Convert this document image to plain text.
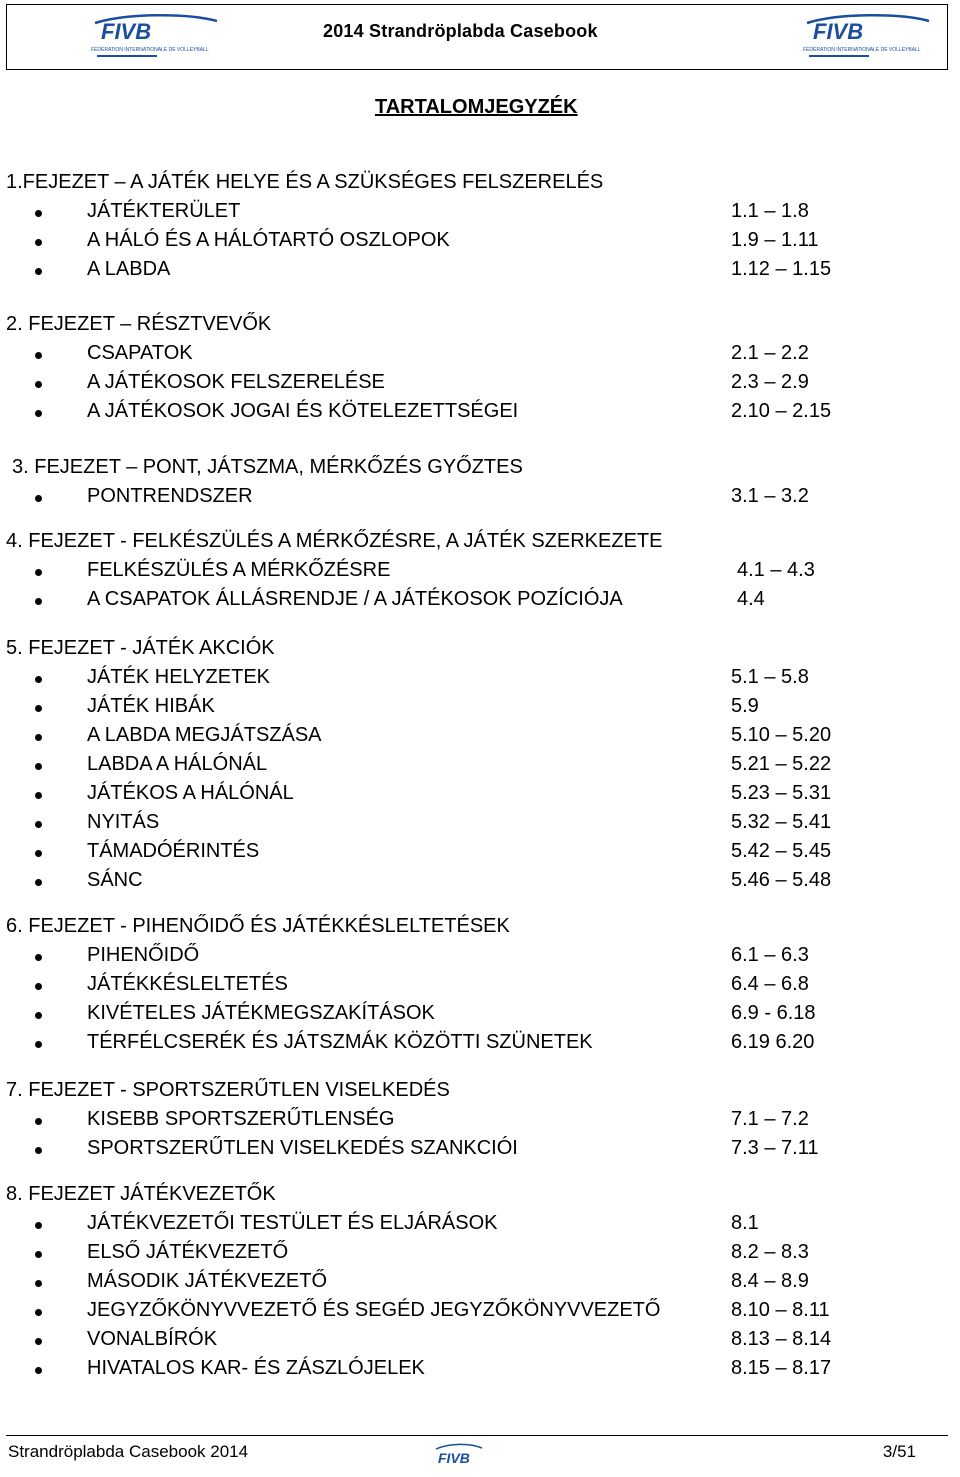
FIVB
FÉDÉRATION INTERNATIONALE DE VOLLEYBALL
2014 Strandröplabda Casebook	FIVB
FÉDÉRATION INTERNATIONALE DE VOLLEYBALL
TARTALOMJEGYZÉK
1.FEJEZET – A JÁTÉK HELYE ÉS A SZÜKSÉGES FELSZERELÉS
JÁTÉKTERÜLET	1.1 – 1.8
A HÁLÓ ÉS A HÁLÓTARTÓ OSZLOPOK	1.9 – 1.11
A LABDA	1.12 – 1.15
2. FEJEZET – RÉSZTVEVŐK
CSAPATOK	2.1 – 2.2
A JÁTÉKOSOK FELSZERELÉSE	2.3 – 2.9
A JÁTÉKOSOK JOGAI ÉS KÖTELEZETTSÉGEI	2.10 – 2.15
3. FEJEZET – PONT, JÁTSZMA, MÉRKŐZÉS GYŐZTES
PONTRENDSZER	3.1 – 3.2
4. FEJEZET - FELKÉSZÜLÉS A MÉRKŐZÉSRE, A JÁTÉK SZERKEZETE
FELKÉSZÜLÉS A MÉRKŐZÉSRE	4.1 – 4.3
A CSAPATOK ÁLLÁSRENDJE / A JÁTÉKOSOK POZÍCIÓJA	4.4
5. FEJEZET - JÁTÉK AKCIÓK
JÁTÉK HELYZETEK	5.1 – 5.8
JÁTÉK HIBÁK	5.9
A LABDA MEGJÁTSZÁSA	5.10 – 5.20
LABDA A HÁLÓNÁL	5.21 – 5.22
JÁTÉKOS A HÁLÓNÁL	5.23 – 5.31
NYITÁS	5.32 – 5.41
TÁMADÓÉRINTÉS	5.42 – 5.45
SÁNC	5.46 – 5.48
6. FEJEZET - PIHENŐIDŐ ÉS JÁTÉKKÉSLELTETÉSEK
PIHENŐIDŐ	6.1 – 6.3
JÁTÉKKÉSLELTETÉS	6.4 – 6.8
KIVÉTELES JÁTÉKMEGSZAKÍTÁSOK	6.9 - 6.18
TÉRFÉLCSERÉK ÉS JÁTSZMÁK KÖZÖTTI SZÜNETEK	6.19 6.20
7. FEJEZET - SPORTSZERŰTLEN VISELKEDÉS
KISEBB SPORTSZERŰTLENSÉG	7.1 – 7.2
SPORTSZERŰTLEN VISELKEDÉS SZANKCIÓI	7.3 – 7.11
8. FEJEZET JÁTÉKVEZETŐK
JÁTÉKVEZETŐI TESTÜLET ÉS ELJÁRÁSOK	8.1
ELSŐ JÁTÉKVEZETŐ	8.2 – 8.3
MÁSODIK JÁTÉKVEZETŐ	8.4 – 8.9
JEGYZŐKÖNYVVEZETŐ ÉS SEGÉD JEGYZŐKÖNYVVEZETŐ	8.10 – 8.11
VONALBÍRÓK	8.13 – 8.14
HIVATALOS KAR- ÉS ZÁSZLÓJELEK	8.15 – 8.17
Strandröplabda Casebook 2014	FIVB	3/51
